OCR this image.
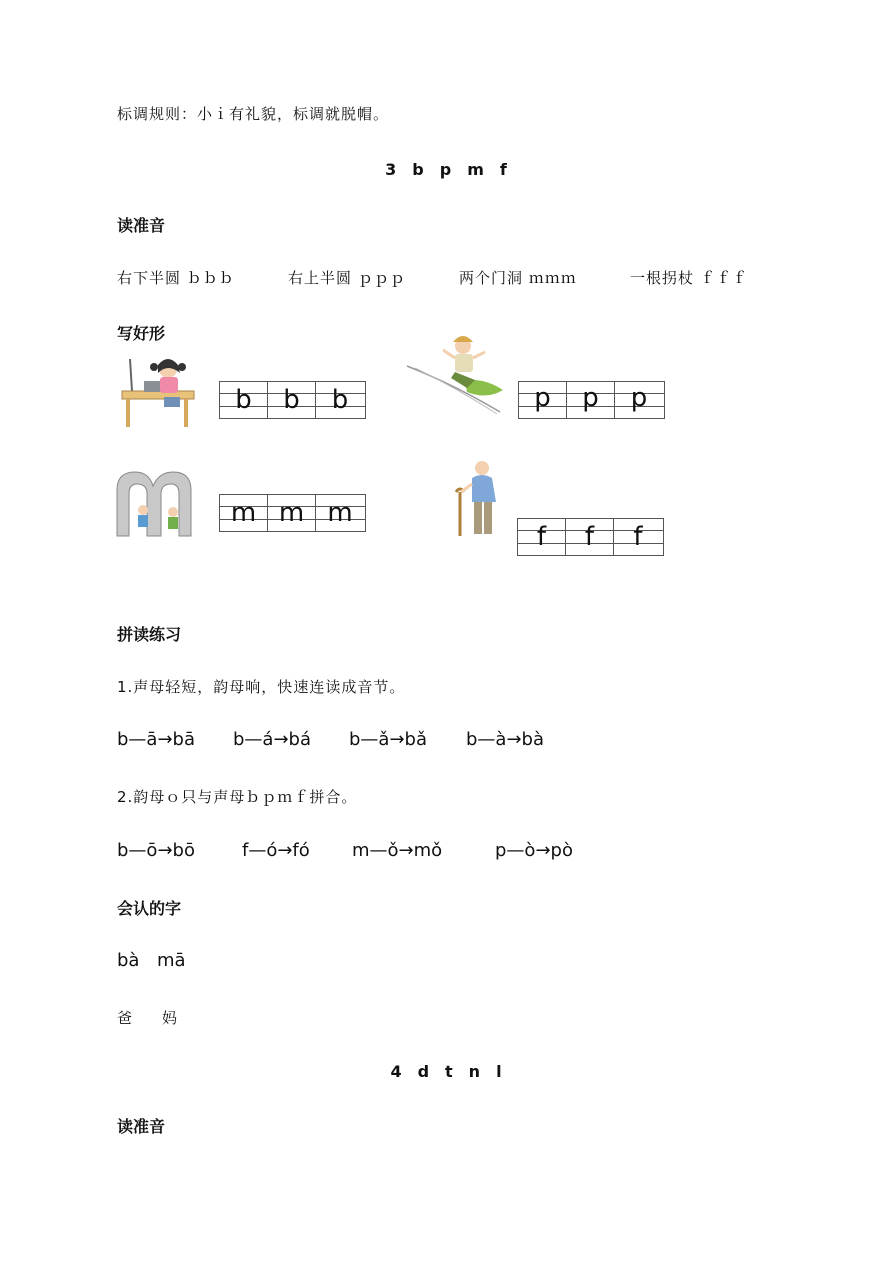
标调规则：小ｉ有礼貌，标调就脱帽。
3　b　p　m　f
读准音
右下半圆 ｂｂｂ	右上半圆 ｐｐｐ	两个门洞 ｍｍｍ	一根拐杖 ｆｆｆ
写好形
b	b	b	p	p	p
m m m
f	f	f
拼读练习
1.声母轻短，韵母响，快速连读成音节。
b—ā→bā b—á→bá b—ǎ→bǎ b—à→bà
2.韵母ｏ只与声母ｂｐｍｆ拼合。
b—ō→bō	f—ó→fó m—ǒ→mǒ	p—ò→pò
会认的字
bà mā
爸 妈
4　d　t　n　l
读准音
